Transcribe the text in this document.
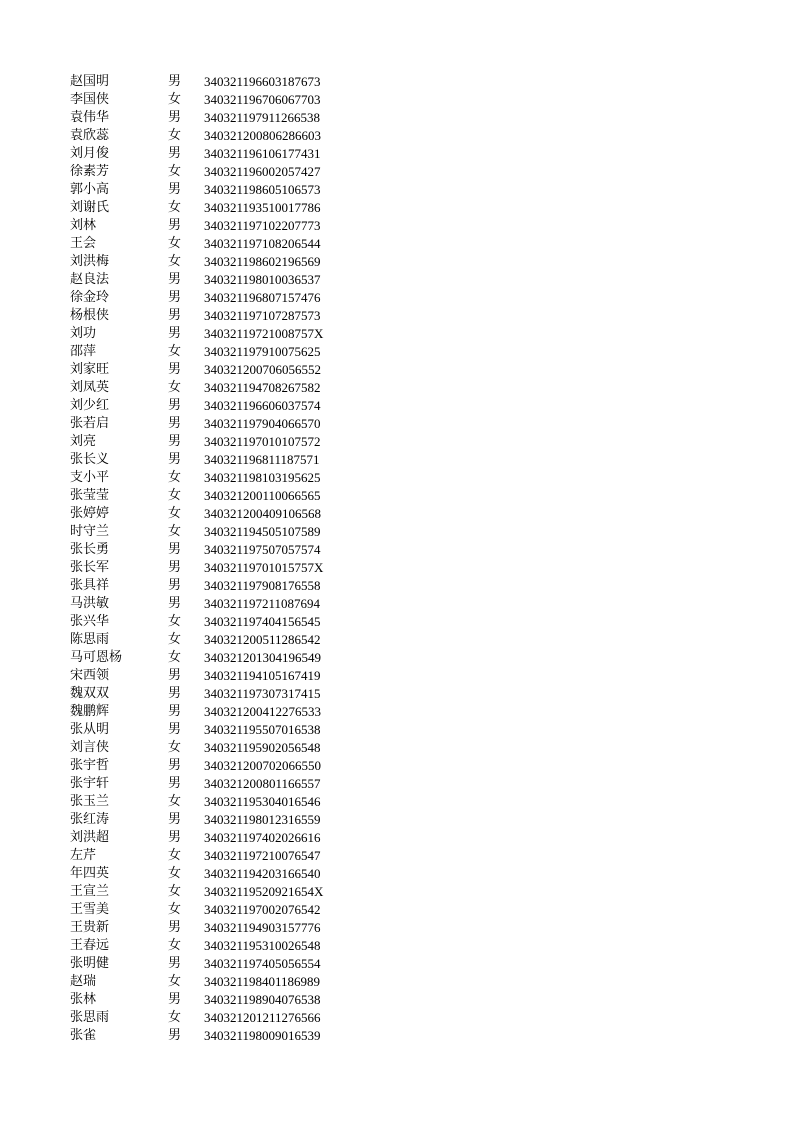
赵国明	男	340321196603187673
李国侠	女	340321196706067703
袁伟华	男	340321197911266538
袁欣蕊	女	340321200806286603
刘月俊	男	340321196106177431
徐素芳	女	340321196002057427
郭小高	男	340321198605106573
刘谢氏	女	340321193510017786
刘林	男	340321197102207773
王会	女	340321197108206544
刘洪梅	女	340321198602196569
赵良法	男	340321198010036537
徐金玲	男	340321196807157476
杨根侠	男	340321197107287573
刘功	男	34032119721008757X
邵萍	女	340321197910075625
刘家旺	男	340321200706056552
刘凤英	女	340321194708267582
刘少红	男	340321196606037574
张若启	男	340321197904066570
刘亮	男	340321197010107572
张长义	男	340321196811187571
支小平	女	340321198103195625
张莹莹	女	340321200110066565
张婷婷	女	340321200409106568
时守兰	女	340321194505107589
张长勇	男	340321197507057574
张长军	男	34032119701015757X
张具祥	男	340321197908176558
马洪敏	男	340321197211087694
张兴华	女	340321197404156545
陈思雨	女	340321200511286542
马可恩杨	女	340321201304196549
宋西领	男	340321194105167419
魏双双	男	340321197307317415
魏鹏辉	男	340321200412276533
张从明	男	340321195507016538
刘言侠	女	340321195902056548
张宇哲	男	340321200702066550
张宇轩	男	340321200801166557
张玉兰	女	340321195304016546
张红涛	男	340321198012316559
刘洪超	男	340321197402026616
左芹	女	340321197210076547
年四英	女	340321194203166540
王宣兰	女	34032119520921654X
王雪美	女	340321197002076542
王贵新	男	340321194903157776
王春远	女	340321195310026548
张明健	男	340321197405056554
赵瑞	女	340321198401186989
张林	男	340321198904076538
张思雨	女	340321201211276566
张雀	男	340321198009016539
